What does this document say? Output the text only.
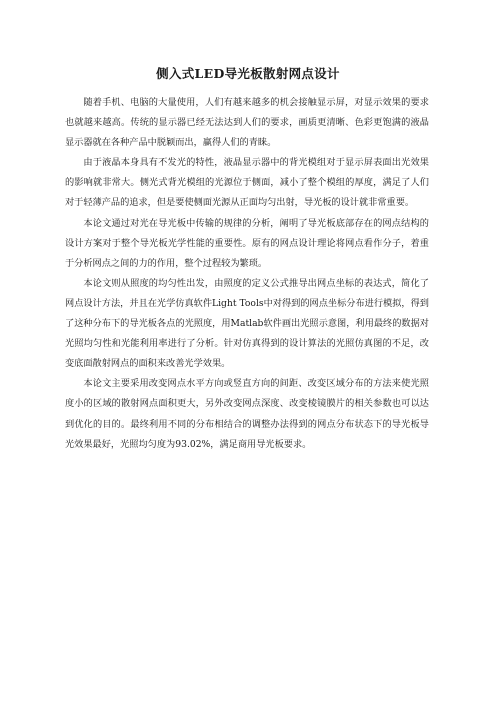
侧入式LED导光板散射网点设计

随着手机、电脑的大量使用，人们有越来越多的机会接触显示屏，对显示效果的要求也就越来越高。传统的显示器已经无法达到人们的要求，画质更清晰、色彩更饱满的液晶显示器就在各种产品中脱颖而出，赢得人们的青睐。

由于液晶本身具有不发光的特性，液晶显示器中的背光模组对于显示屏表面出光效果的影响就非常大。侧光式背光模组的光源位于侧面，减小了整个模组的厚度，满足了人们对于轻薄产品的追求，但是要使侧面光源从正面均匀出射，导光板的设计就非常重要。

本论文通过对光在导光板中传输的规律的分析，阐明了导光板底部存在的网点结构的设计方案对于整个导光板光学性能的重要性。原有的网点设计理论将网点看作分子，着重于分析网点之间的力的作用，整个过程较为繁琐。

本论文则从照度的均匀性出发，由照度的定义公式推导出网点坐标的表达式，简化了网点设计方法，并且在光学仿真软件Light Tools中对得到的网点坐标分布进行模拟，得到了这种分布下的导光板各点的光照度，用Matlab软件画出光照示意图，利用最终的数据对光照均匀性和光能利用率进行了分析。针对仿真得到的设计算法的光照仿真图的不足，改变底面散射网点的面积来改善光学效果。

本论文主要采用改变网点水平方向或竖直方向的间距、改变区域分布的方法来使光照度小的区域的散射网点面积更大，另外改变网点深度、改变棱镜膜片的相关参数也可以达到优化的目的。最终利用不同的分布相结合的调整办法得到的网点分布状态下的导光板导光效果最好，光照均匀度为93.02%，满足商用导光板要求。
